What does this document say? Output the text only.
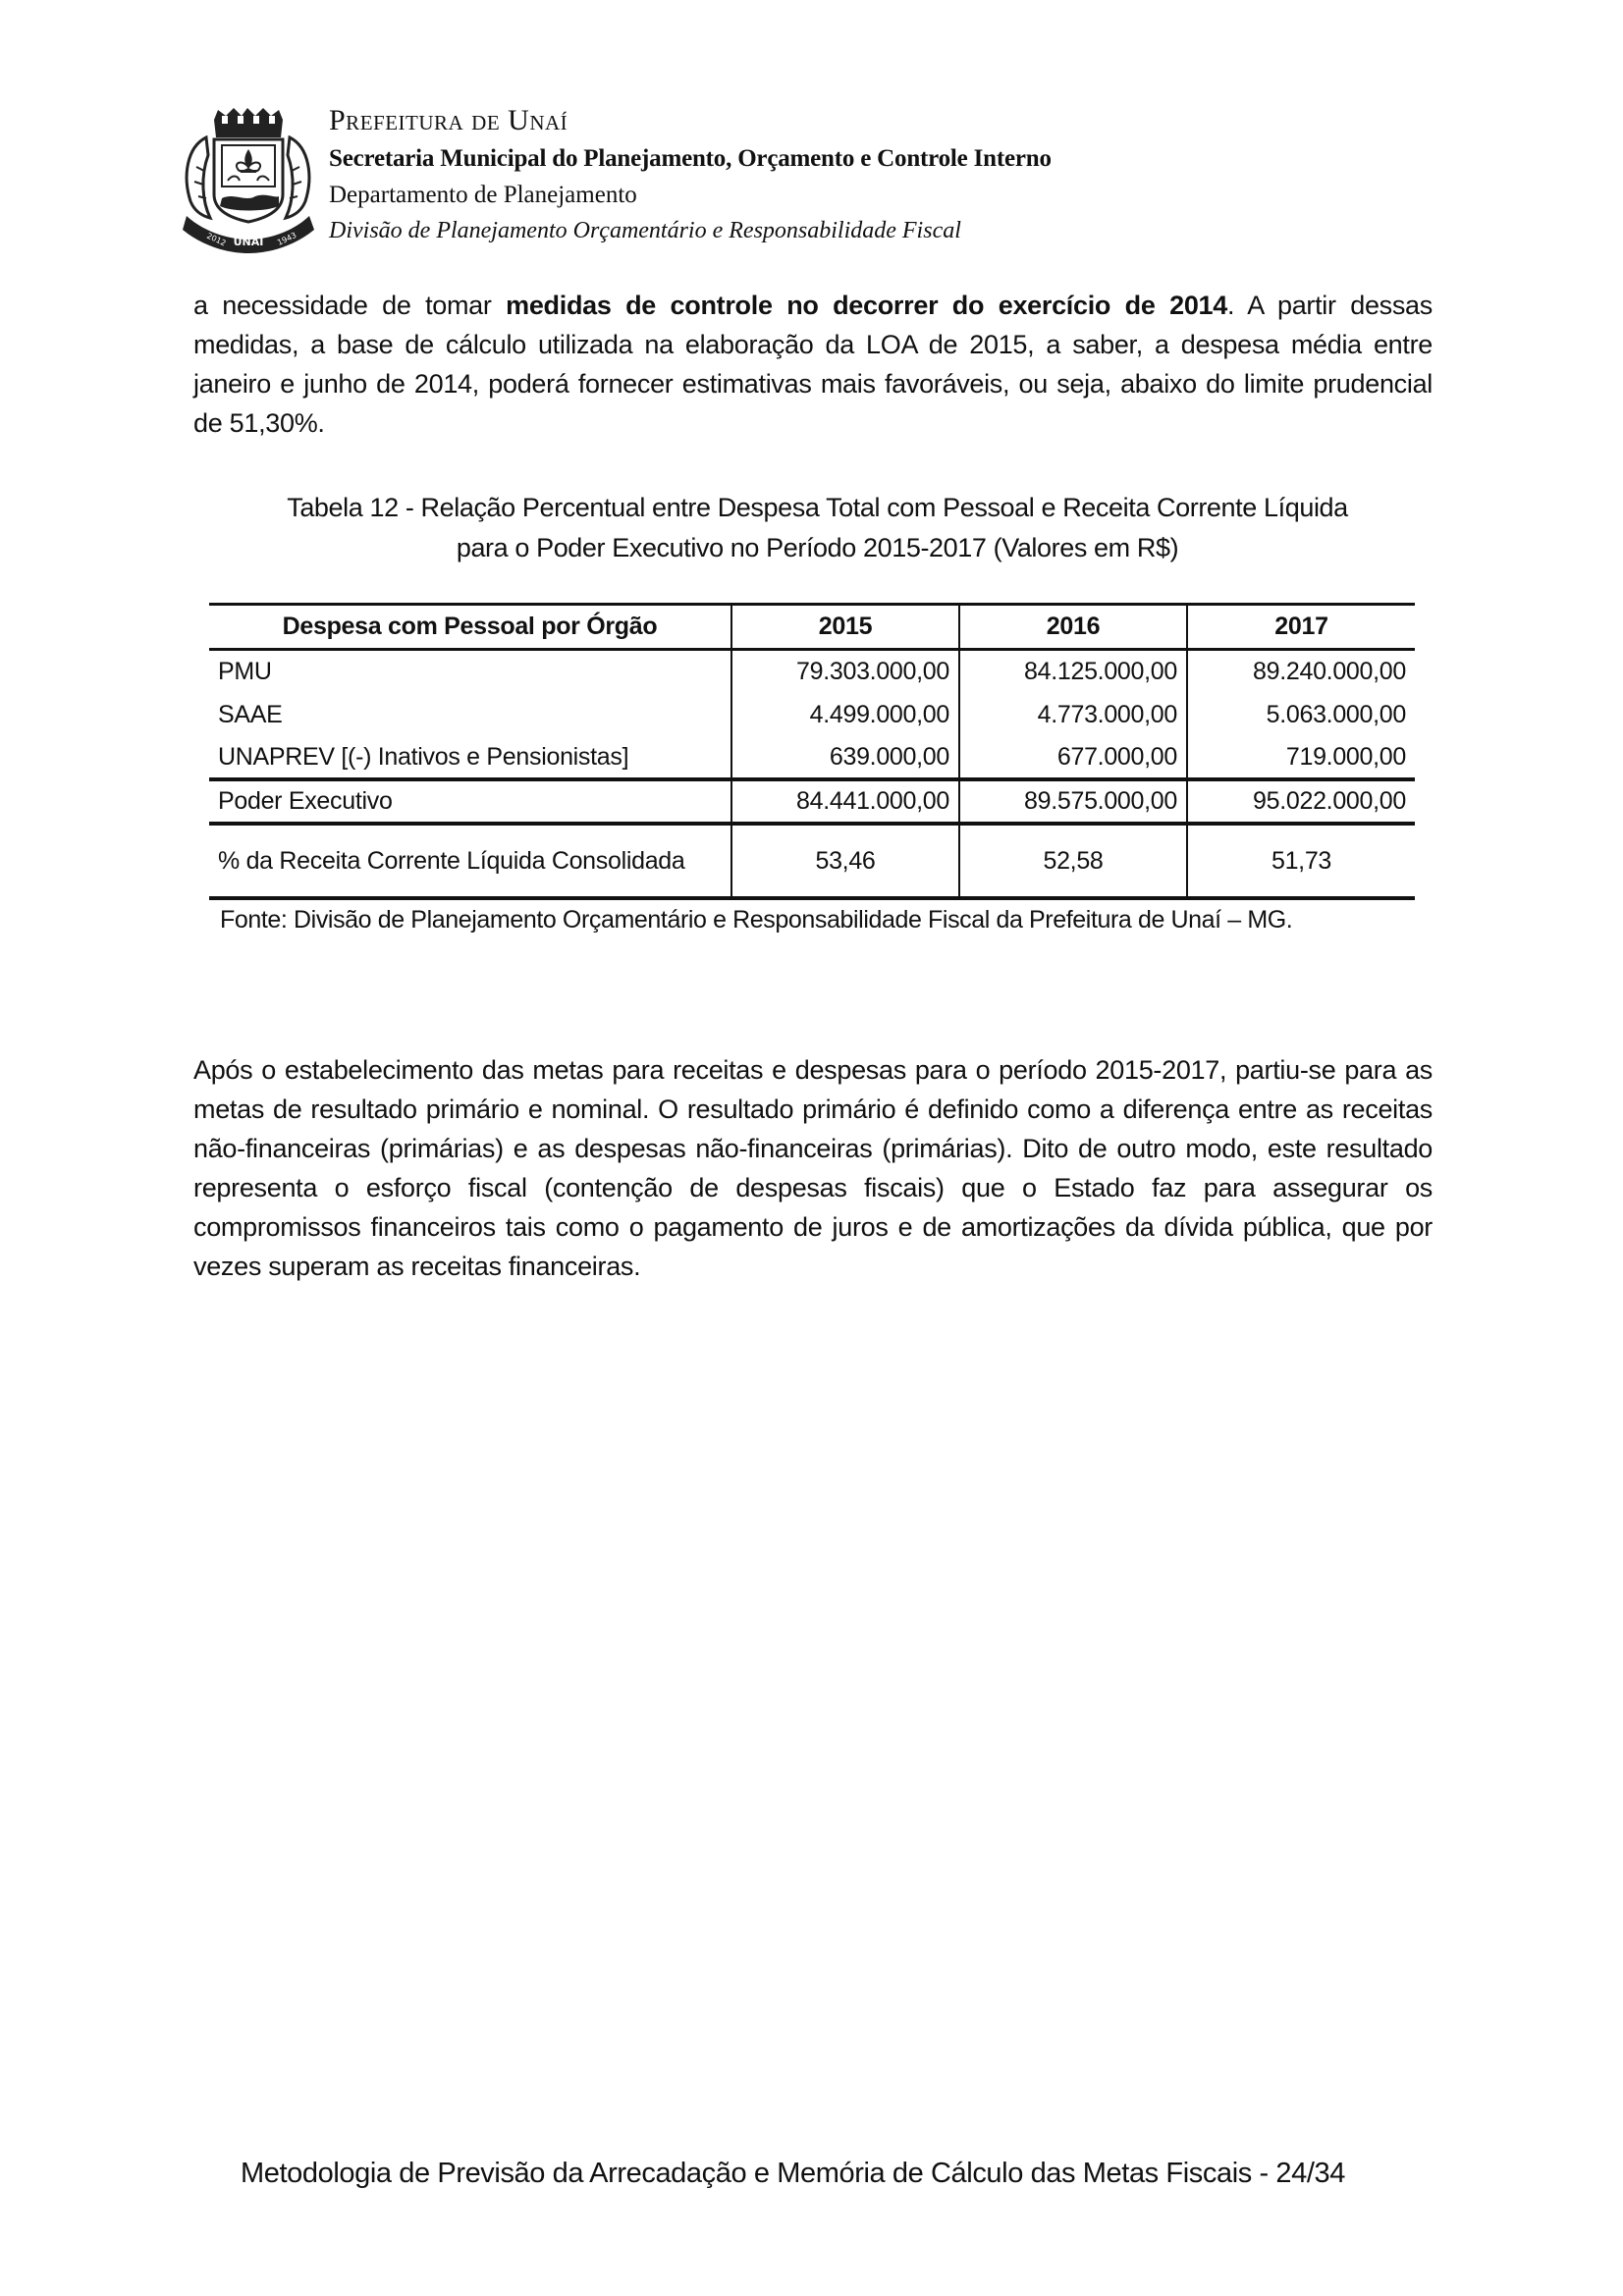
UNAÍ
2012	1943
Prefeitura de Unaí
Secretaria Municipal do Planejamento, Orçamento e Controle Interno
Departamento de Planejamento
Divisão de Planejamento Orçamentário e Responsabilidade Fiscal

a necessidade de tomar medidas de controle no decorrer do exercício de 2014. A partir dessas medidas, a base de cálculo utilizada na elaboração da LOA de 2015, a saber, a despesa média entre janeiro e junho de 2014, poderá fornecer estimativas mais favoráveis, ou seja, abaixo do limite prudencial de 51,30%.

Tabela 12 - Relação Percentual entre Despesa Total com Pessoal e Receita Corrente Líquida
para o Poder Executivo no Período 2015-2017 (Valores em R$)
Despesa com Pessoal por Órgão	2015	2016	2017
PMU	79.303.000,00	84.125.000,00	89.240.000,00
SAAE	4.499.000,00	4.773.000,00	5.063.000,00
UNAPREV [(-) Inativos e Pensionistas]	639.000,00	677.000,00	719.000,00
Poder Executivo	84.441.000,00	89.575.000,00	95.022.000,00
% da Receita Corrente Líquida Consolidada	53,46	52,58	51,73
Fonte: Divisão de Planejamento Orçamentário e Responsabilidade Fiscal da Prefeitura de Unaí – MG.

Após o estabelecimento das metas para receitas e despesas para o período 2015-2017, partiu-se para as metas de resultado primário e nominal. O resultado primário é definido como a diferença entre as receitas não-financeiras (primárias) e as despesas não-financeiras (primárias). Dito de outro modo, este resultado representa o esforço fiscal (contenção de despesas fiscais) que o Estado faz para assegurar os compromissos financeiros tais como o pagamento de juros e de amortizações da dívida pública, que por vezes superam as receitas financeiras.

Metodologia de Previsão da Arrecadação e Memória de Cálculo das Metas Fiscais - 24/34
